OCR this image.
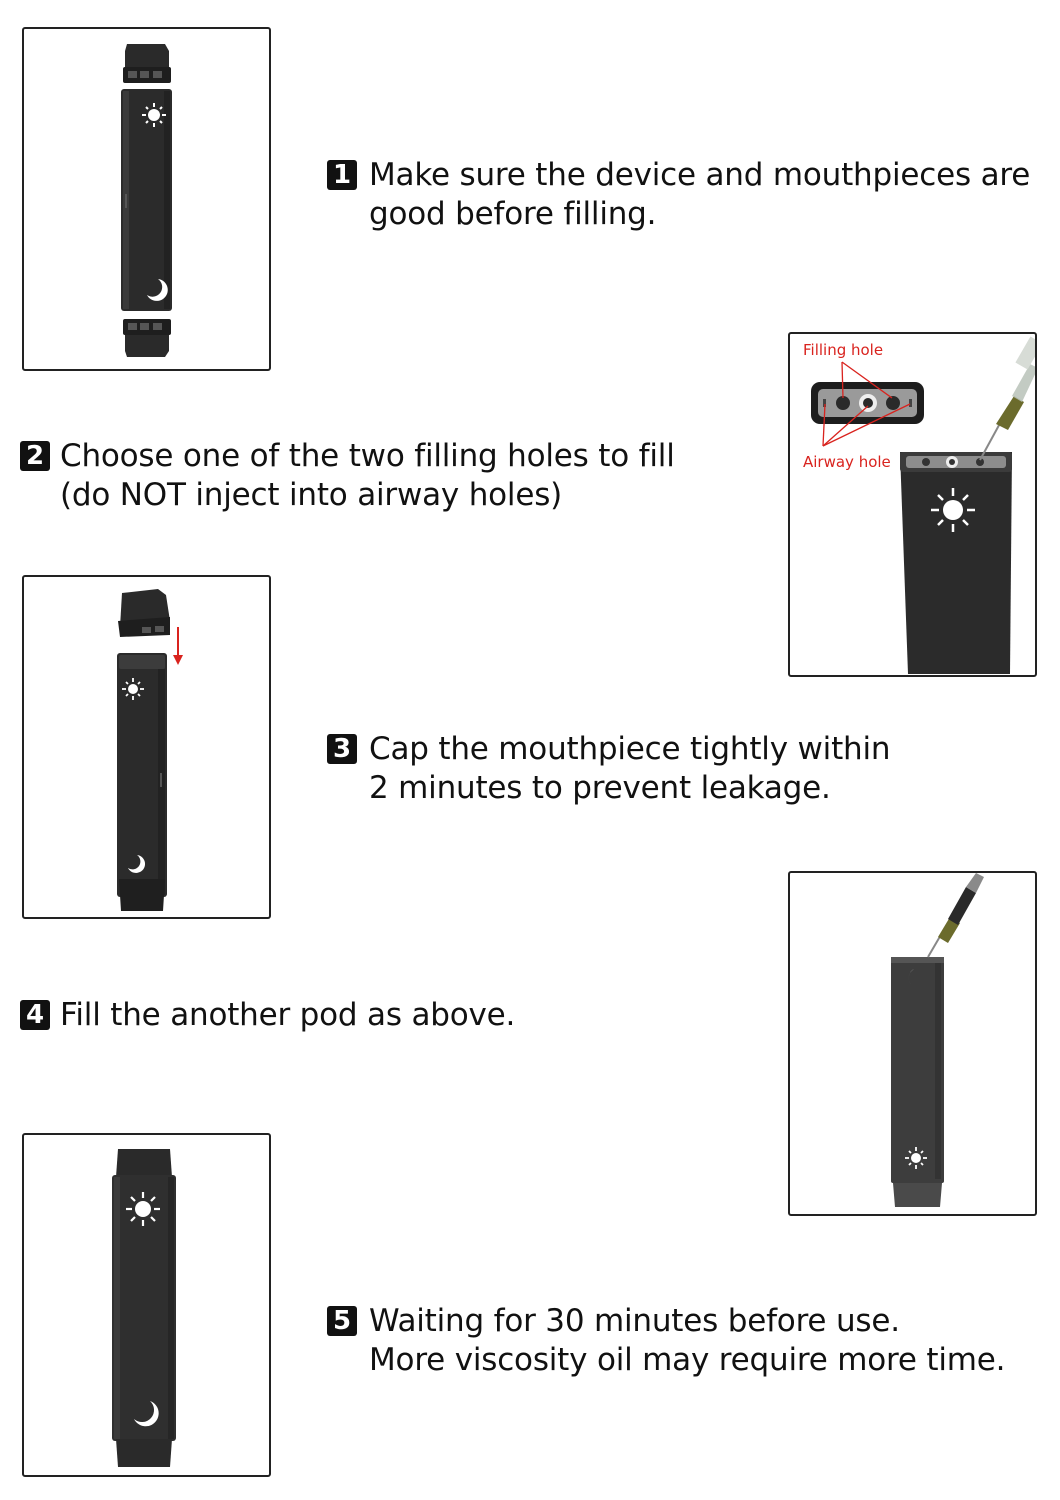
1 Make sure the device and mouthpieces are
good before filling.
Filling hole
Airway hole
2 Choose one of the two filling holes to fill
(do NOT inject into airway holes)
3 Cap the mouthpiece tightly within
2 minutes to prevent leakage.
4 Fill the another pod as above.
5 Waiting for 30 minutes before use.
More viscosity oil may require more time.
